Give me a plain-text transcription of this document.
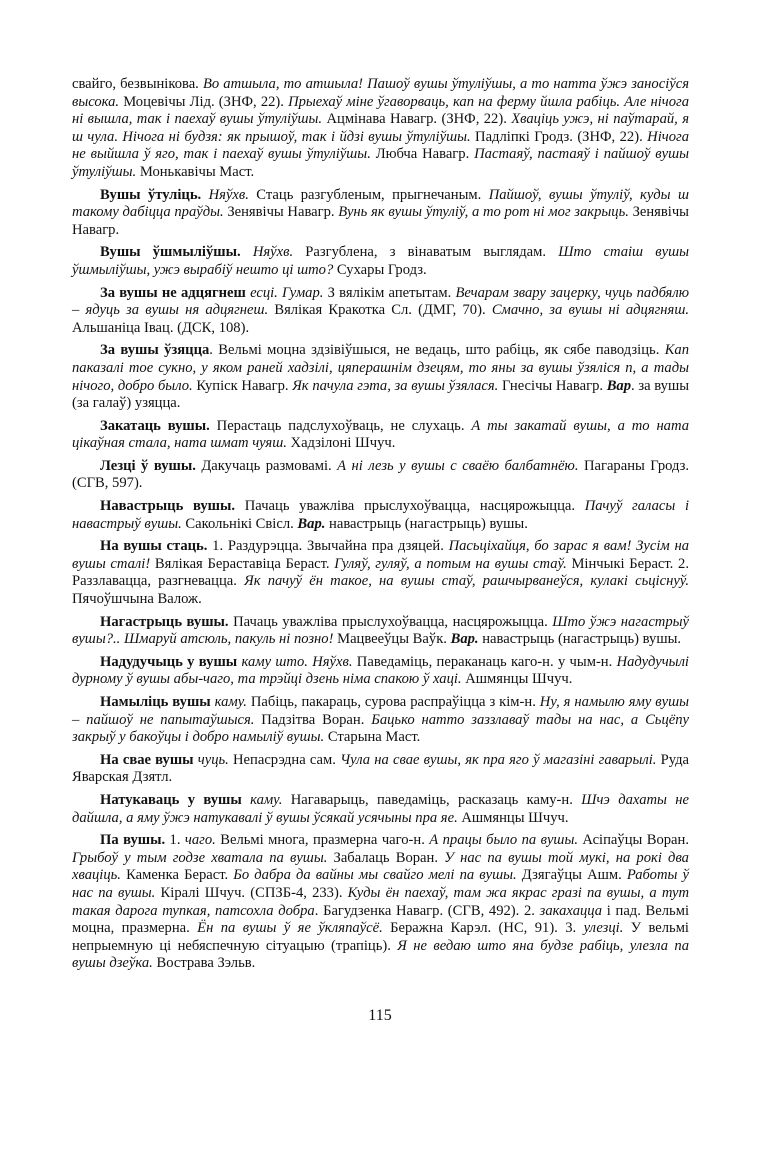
свайго, безвынікова. Во атшыла, то атшыла! Пашоў вушы ўтуліўшы, а то натта ўжэ заносіўся высока. Моцевічы Лід. (ЗНФ, 22). Прыехаў міне ўгаворваць, кап на ферму йшла рабіць. Але нічога ні вышла, так і паехаў вушы ўтуліўшы. Ацмінава Навагр. (ЗНФ, 22). Хваціць ужэ, ні паўтарай, я ш чула. Нічога ні будзя: як прышоў, так і йдзі вушы ўтуліўшы. Падліпкі Гродз. (ЗНФ, 22). Нічога не выйшла ў яго, так і паехаў вушы ўтуліўшы. Любча Навагр. Пастаяў, пастаяў і пайшоў вушы ўтуліўшы. Монькавічы Маст.

Вушы ўтуліць. Няўхв. Стаць разгубленым, прыгнечаным. Пайшоў, вушы ўтуліў, куды ш такому дабіцца праўды. Зенявічы Навагр. Вунь як вушы ўтуліў, а то рот ні мог закрыць. Зенявічы Навагр.

Вушы ўшмыліўшы. Няўхв. Разгублена, з вінаватым выглядам. Што стаіш вушы ўшмыліўшы, ужэ вырабіў нешто ці што? Сухары Гродз.

За вушы не адцягнеш есці. Гумар. З вялікім апетытам. Вечарам звару зацерку, чуць падбялю – ядуць за вушы ня адцягнеш. Вялікая Кракотка Сл. (ДМГ, 70). Смачно, за вушы ні адцягняш. Альшаніца Івац. (ДСК, 108).

За вушы ўзяцца. Вельмі моцна здзівіўшыся, не ведаць, што рабіць, як сябе паводзіць. Кап паказалі тое сукно, у яком раней хадзілі, цяперашнім дзецям, то яны за вушы ўзяліся п, а тады нічого, добро было. Купіск Навагр. Як пачула гэта, за вушы ўзялася. Гнесічы Навагр. Вар. за вушы (за галаў) узяцца.

Закатаць вушы. Перастаць падслухоўваць, не слухаць. А ты закатай вушы, а то ната цікаўная стала, ната шмат чуяш. Хадзілоні Шчуч.

Лезці ў вушы. Дакучаць размовамі. А ні лезь у вушы с сваёю балбатнёю. Пагараны Гродз. (СГВ, 597).

Навастрыць вушы. Пачаць уважліва прыслухоўвацца, насцярожыцца. Пачуў галасы і навастрыў вушы. Сакольнікі Свісл. Вар. навастрыць (нагастрыць) вушы.

На вушы стаць. 1. Раздурэцца. Звычайна пра дзяцей. Пасьціхайця, бо зарас я вам! Зусім на вушы сталі! Вялікая Бераставіца Берaст. Гуляў, гуляў, а потым на вушы стаў. Мінчыкі Берaст. 2. Раззлавацца, разгневацца. Як пачуў ён такое, на вушы стаў, рашчырванеўся, кулакі сьціснуў. Пячоўшчына Валож.

Нагастрыць вушы. Пачаць уважліва прыслухоўвацца, насцярожыцца. Што ўжэ нагастрыў вушы?.. Шмаруй атсюль, пакуль ні позно! Мацвееўцы Ваўк. Вар. навастрыць (нагастрыць) вушы.

Надудучыць у вушы каму што. Няўхв. Паведаміць, пераканаць каго-н. у чым-н. Надудучылі дурному ў вушы абы-чаго, та трэйці дзень німа спакою ў хаці. Ашмянцы Шчуч.

Намыліць вушы каму. Пабіць, пакараць, сурова распраўіцца з кім-н. Ну, я намылю яму вушы – пайшоў не папытаўшыся. Падзітва Воран. Бацько натто заззлаваў тады на нас, а Сьцёпу закрыў у бакоўцы і добро намыліў вушы. Старына Маст.

На сваe вушы чуць. Непасрэдна сам. Чула на сваe вушы, як пра яго ў магазіні гаварылі. Руда Яварская Дзятл.

Натукаваць у вушы каму. Нагаварыць, паведаміць, расказаць каму-н. Шчэ дахаты не дайшла, а яму ўжэ натукавалі ў вушы ўсякай усячыны пра яе. Ашмянцы Шчуч.

Па вушы. 1. чаго. Вельмі многа, празмерна чаго-н. А працы было па вушы. Асіпаўцы Воран. Грыбоў у тым годзе хватала па вушы. Забалаць Воран. У нас па вушы той мукі, на рокі два хваціць. Каменка Берaст. Бо дабра да вайны мы свайго мелі па вушы. Дзягаўцы Ашм. Работы ў нас па вушы. Кіралі Шчуч. (СПЗБ-4, 233). Куды ён паехаў, там жа якрас гразі па вушы, а тут такая дарога тупкая, патсохла добра. Багудзенка Навагр. (СГВ, 492). 2. закахацца і пад. Вельмі моцна, празмерна. Ён па вушы ў яе ўкляпаўсё. Беражна Карэл. (НС, 91). 3. улезці. У вельмі непрыемную ці небяспечную сітуацыю (трапіць). Я не ведаю што яна будзе рабіць, улезла па вушы дзеўка. Вострава Зэльв.

115
